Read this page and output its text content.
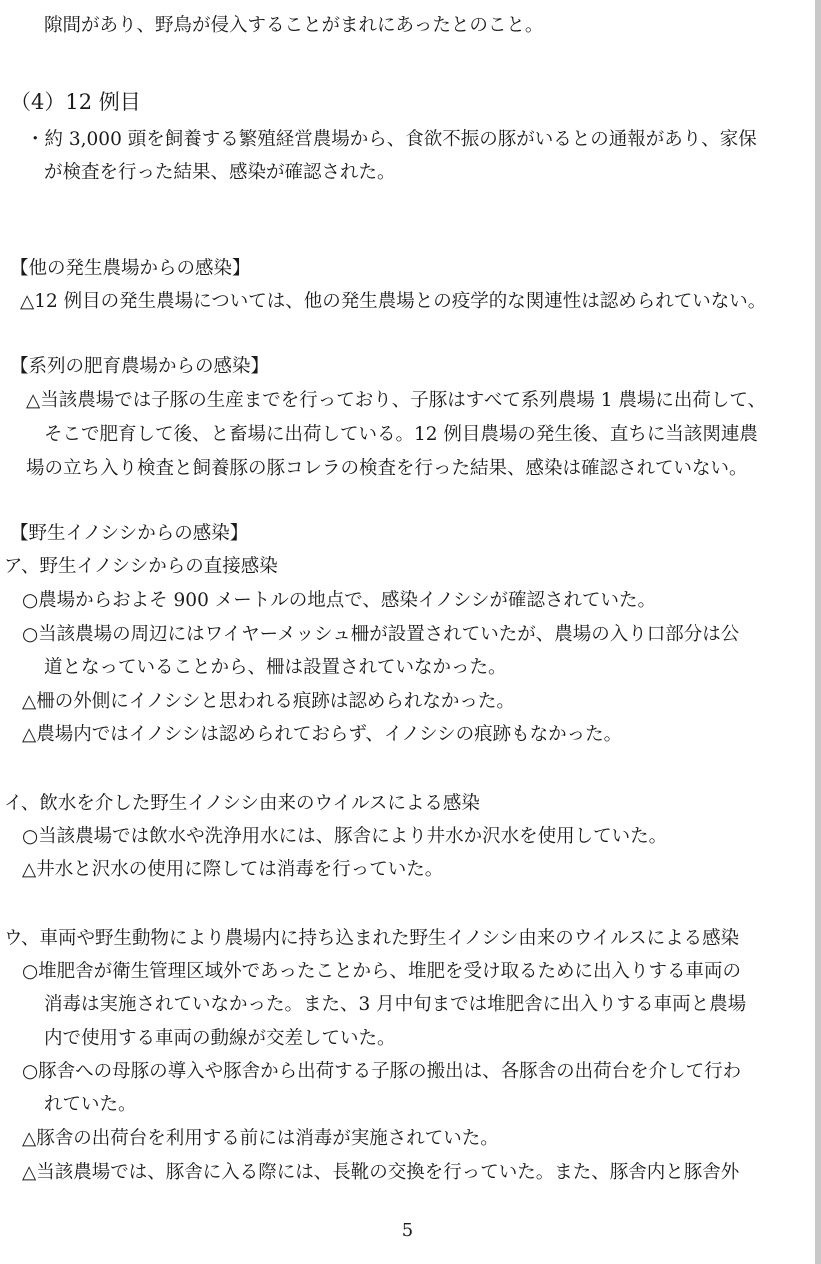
隙間があり、野鳥が侵入することがまれにあったとのこと。
（4）12 例目
・約 3,000 頭を飼養する繁殖経営農場から、食欲不振の豚がいるとの通報があり、家保
が検査を行った結果、感染が確認された。
【他の発生農場からの感染】
△12 例目の発生農場については、他の発生農場との疫学的な関連性は認められていない。
【系列の肥育農場からの感染】
△当該農場では子豚の生産までを行っており、子豚はすべて系列農場 1 農場に出荷して、
そこで肥育して後、と畜場に出荷している。12 例目農場の発生後、直ちに当該関連農
場の立ち入り検査と飼養豚の豚コレラの検査を行った結果、感染は確認されていない。
【野生イノシシからの感染】
ア、野生イノシシからの直接感染
○農場からおよそ 900 メートルの地点で、感染イノシシが確認されていた。
○当該農場の周辺にはワイヤーメッシュ柵が設置されていたが、農場の入り口部分は公
道となっていることから、柵は設置されていなかった。
△柵の外側にイノシシと思われる痕跡は認められなかった。
△農場内ではイノシシは認められておらず、イノシシの痕跡もなかった。
イ、飲水を介した野生イノシシ由来のウイルスによる感染
○当該農場では飲水や洗浄用水には、豚舎により井水か沢水を使用していた。
△井水と沢水の使用に際しては消毒を行っていた。
ウ、車両や野生動物により農場内に持ち込まれた野生イノシシ由来のウイルスによる感染
○堆肥舎が衛生管理区域外であったことから、堆肥を受け取るために出入りする車両の
消毒は実施されていなかった。また、3 月中旬までは堆肥舎に出入りする車両と農場
内で使用する車両の動線が交差していた。
○豚舎への母豚の導入や豚舎から出荷する子豚の搬出は、各豚舎の出荷台を介して行わ
れていた。
△豚舎の出荷台を利用する前には消毒が実施されていた。
△当該農場では、豚舎に入る際には、長靴の交換を行っていた。また、豚舎内と豚舎外
5
